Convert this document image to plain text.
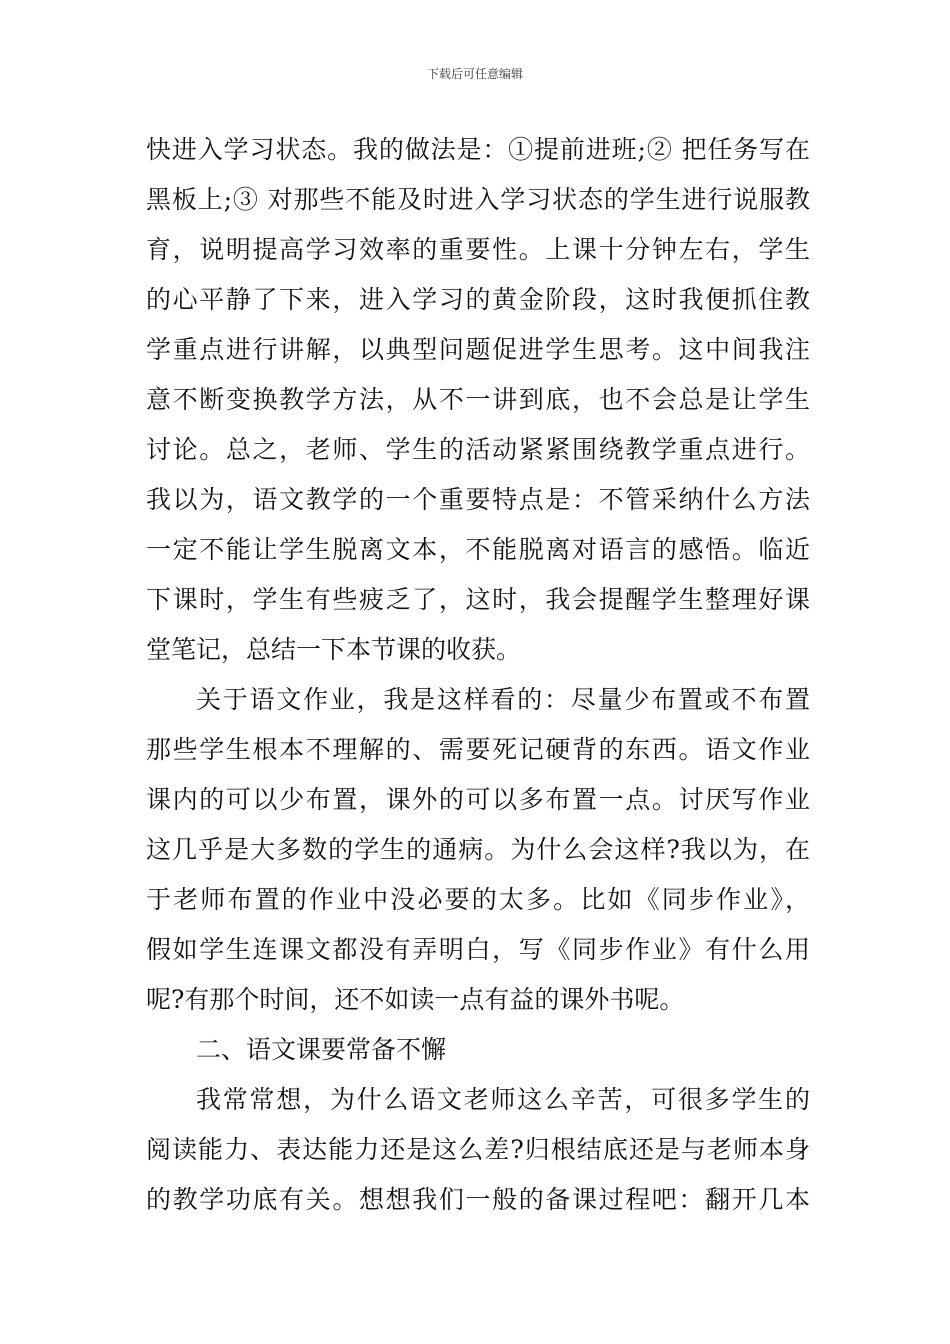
下载后可任意编辑
快进入学习状态。我的做法是：①提前进班;② 把任务写在
黑板上;③ 对那些不能及时进入学习状态的学生进行说服教
育，说明提高学习效率的重要性。上课十分钟左右，学生
的心平静了下来，进入学习的黄金阶段，这时我便抓住教
学重点进行讲解，以典型问题促进学生思考。这中间我注
意不断变换教学方法，从不一讲到底，也不会总是让学生
讨论。总之，老师、学生的活动紧紧围绕教学重点进行。
我以为，语文教学的一个重要特点是：不管采纳什么方法
一定不能让学生脱离文本，不能脱离对语言的感悟。临近
下课时，学生有些疲乏了，这时，我会提醒学生整理好课
堂笔记，总结一下本节课的收获。
关于语文作业，我是这样看的：尽量少布置或不布置
那些学生根本不理解的、需要死记硬背的东西。语文作业
课内的可以少布置，课外的可以多布置一点。讨厌写作业
这几乎是大多数的学生的通病。为什么会这样?我以为，在
于老师布置的作业中没必要的太多。比如《同步作业》，
假如学生连课文都没有弄明白，写《同步作业》有什么用
呢?有那个时间，还不如读一点有益的课外书呢。
二、语文课要常备不懈
我常常想，为什么语文老师这么辛苦，可很多学生的
阅读能力、表达能力还是这么差?归根结底还是与老师本身
的教学功底有关。想想我们一般的备课过程吧：翻开几本
